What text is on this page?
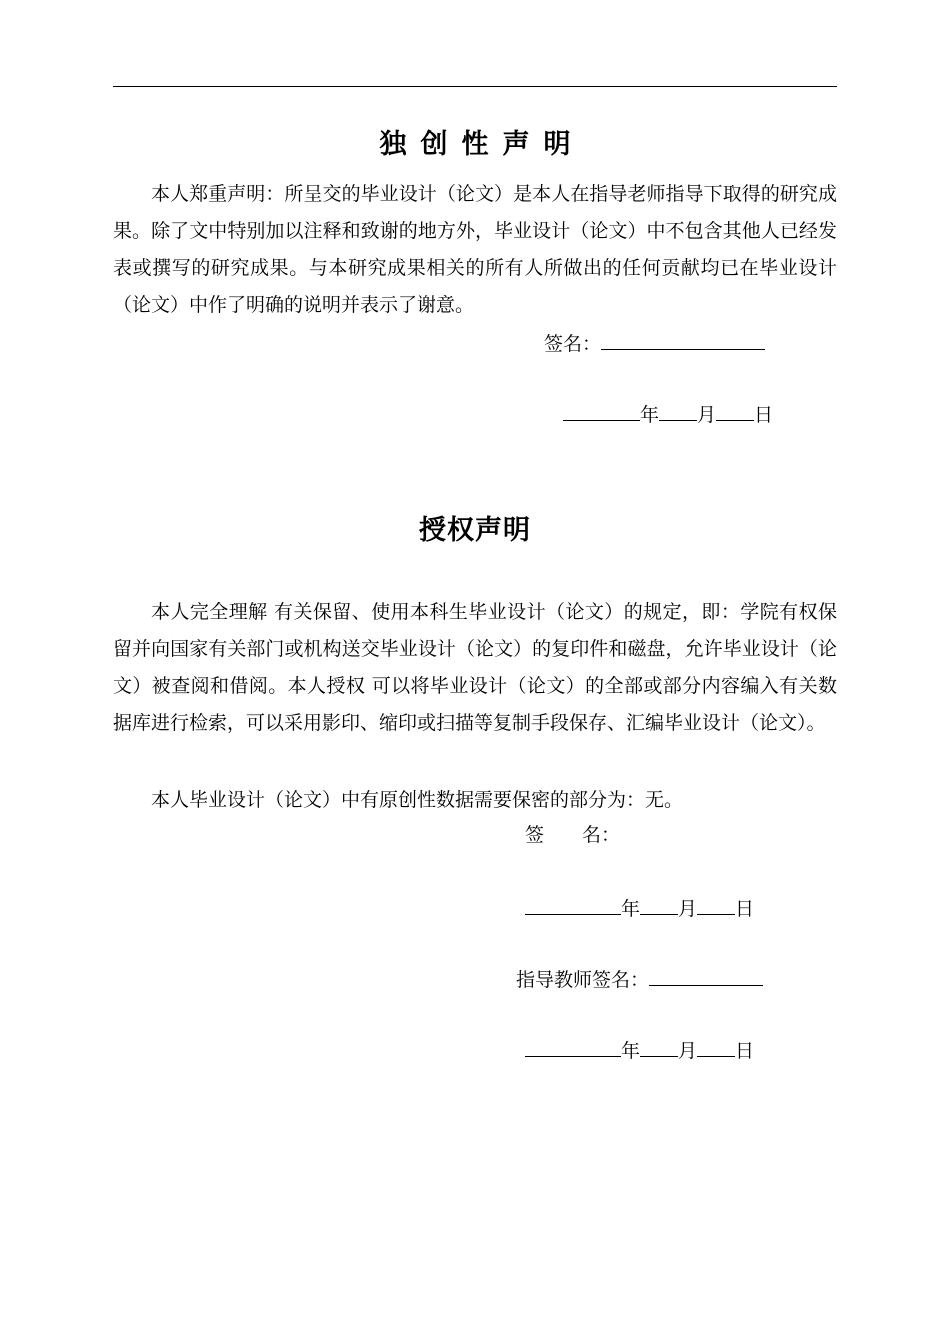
独创性声明

本人郑重声明：所呈交的毕业设计（论文）是本人在指导老师指导下取得的研究成果。除了文中特别加以注释和致谢的地方外，毕业设计（论文）中不包含其他人已经发表或撰写的研究成果。与本研究成果相关的所有人所做出的任何贡献均已在毕业设计（论文）中作了明确的说明并表示了谢意。

签名：
年 月 日
授权声明

本人完全理解 有关保留、使用本科生毕业设计（论文）的规定，即：学院有权保留并向国家有关部门或机构送交毕业设计（论文）的复印件和磁盘，允许毕业设计（论文）被查阅和借阅。本人授权 可以将毕业设计（论文）的全部或部分内容编入有关数据库进行检索，可以采用影印、缩印或扫描等复制手段保存、汇编毕业设计（论文）。

本人毕业设计（论文）中有原创性数据需要保密的部分为：无。

签 名：
年 月 日
指导教师签名：
年 月 日
